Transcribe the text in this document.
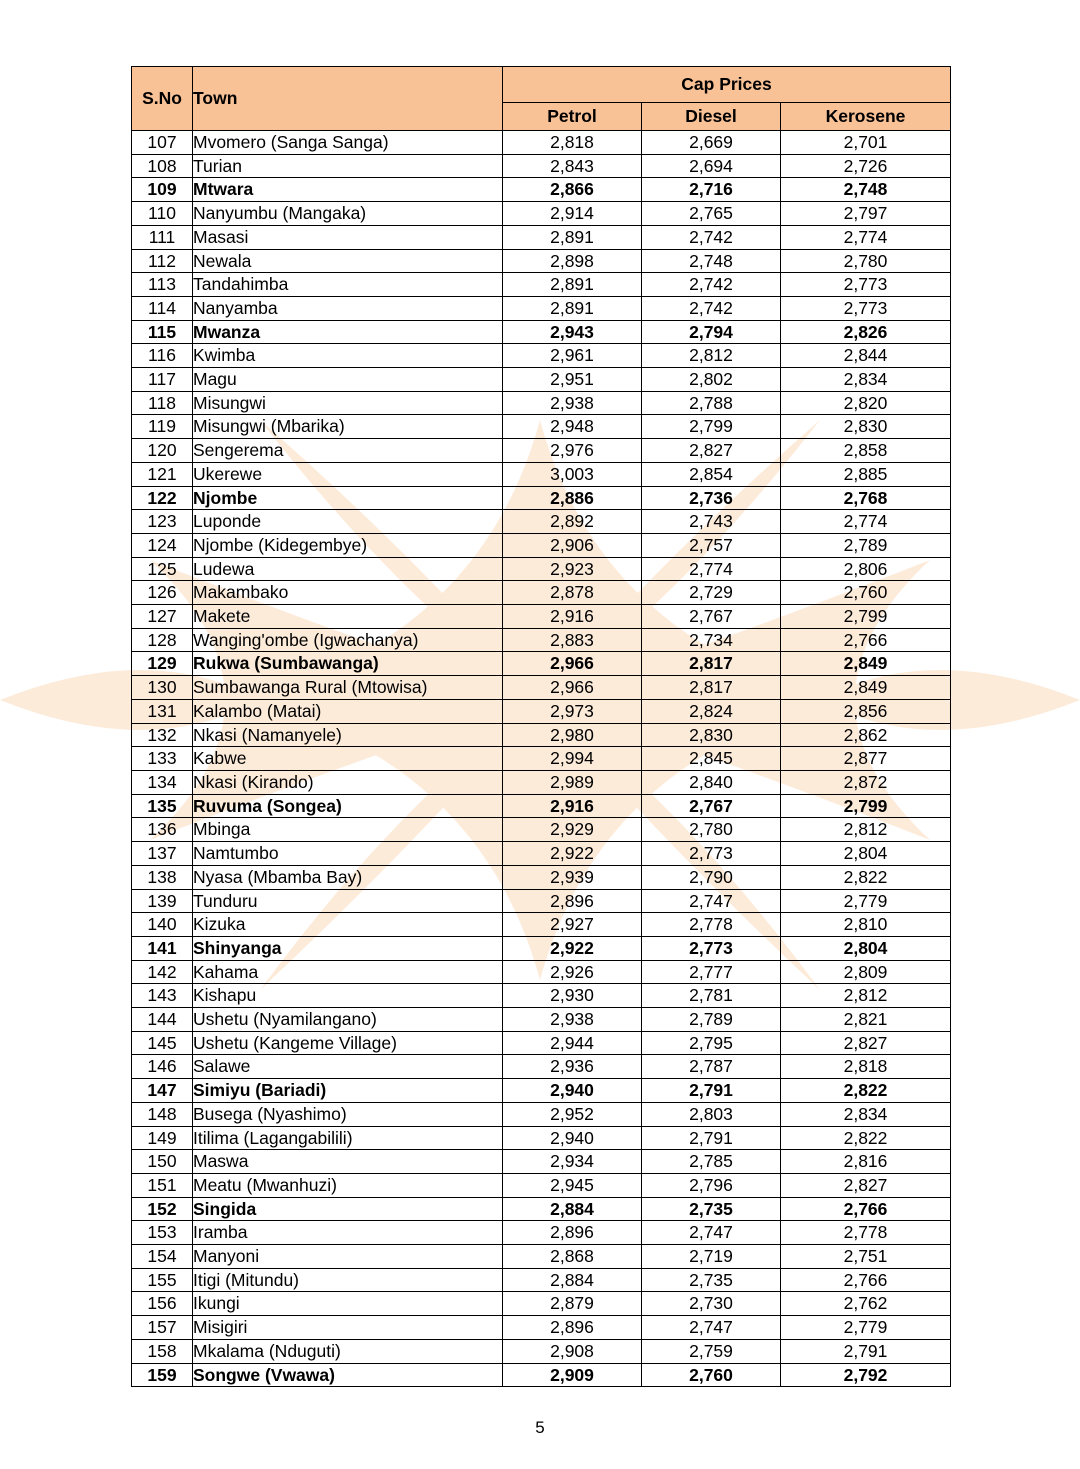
S.No	Town	Cap Prices		
		Petrol	Diesel	Kerosene
107	Mvomero (Sanga Sanga)	2,818	2,669	2,701
108	Turian	2,843	2,694	2,726
109	Mtwara	2,866	2,716	2,748
110	Nanyumbu (Mangaka)	2,914	2,765	2,797
111	Masasi	2,891	2,742	2,774
112	Newala	2,898	2,748	2,780
113	Tandahimba	2,891	2,742	2,773
114	Nanyamba	2,891	2,742	2,773
115	Mwanza	2,943	2,794	2,826
116	Kwimba	2,961	2,812	2,844
117	Magu	2,951	2,802	2,834
118	Misungwi	2,938	2,788	2,820
119	Misungwi (Mbarika)	2,948	2,799	2,830
120	Sengerema	2,976	2,827	2,858
121	Ukerewe	3,003	2,854	2,885
122	Njombe	2,886	2,736	2,768
123	Luponde	2,892	2,743	2,774
124	Njombe (Kidegembye)	2,906	2,757	2,789
125	Ludewa	2,923	2,774	2,806
126	Makambako	2,878	2,729	2,760
127	Makete	2,916	2,767	2,799
128	Wanging'ombe (Igwachanya)	2,883	2,734	2,766
129	Rukwa (Sumbawanga)	2,966	2,817	2,849
130	Sumbawanga Rural (Mtowisa)	2,966	2,817	2,849
131	Kalambo (Matai)	2,973	2,824	2,856
132	Nkasi (Namanyele)	2,980	2,830	2,862
133	Kabwe	2,994	2,845	2,877
134	Nkasi (Kirando)	2,989	2,840	2,872
135	Ruvuma (Songea)	2,916	2,767	2,799
136	Mbinga	2,929	2,780	2,812
137	Namtumbo	2,922	2,773	2,804
138	Nyasa (Mbamba Bay)	2,939	2,790	2,822
139	Tunduru	2,896	2,747	2,779
140	Kizuka	2,927	2,778	2,810
141	Shinyanga	2,922	2,773	2,804
142	Kahama	2,926	2,777	2,809
143	Kishapu	2,930	2,781	2,812
144	Ushetu (Nyamilangano)	2,938	2,789	2,821
145	Ushetu (Kangeme Village)	2,944	2,795	2,827
146	Salawe	2,936	2,787	2,818
147	Simiyu (Bariadi)	2,940	2,791	2,822
148	Busega (Nyashimo)	2,952	2,803	2,834
149	Itilima (Lagangabilili)	2,940	2,791	2,822
150	Maswa	2,934	2,785	2,816
151	Meatu (Mwanhuzi)	2,945	2,796	2,827
152	Singida	2,884	2,735	2,766
153	Iramba	2,896	2,747	2,778
154	Manyoni	2,868	2,719	2,751
155	Itigi (Mitundu)	2,884	2,735	2,766
156	Ikungi	2,879	2,730	2,762
157	Misigiri	2,896	2,747	2,779
158	Mkalama (Nduguti)	2,908	2,759	2,791
159	Songwe (Vwawa)	2,909	2,760	2,792
5
